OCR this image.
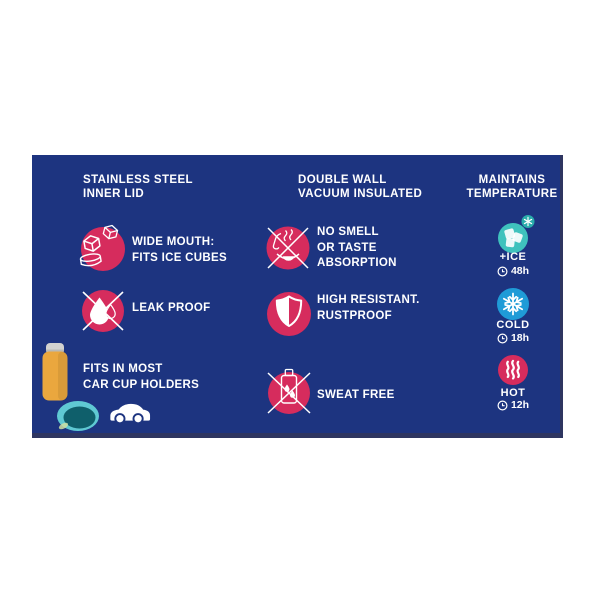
STAINLESS STEEL
INNER LID
DOUBLE WALL
VACUUM INSULATED
MAINTAINS
TEMPERATURE
WIDE MOUTH:
FITS ICE CUBES
LEAK PROOF
FITS IN MOST
CAR CUP HOLDERS
NO SMELL
OR TASTE
ABSORPTION
HIGH RESISTANT.
RUSTPROOF
SWEAT FREE
+ICE
48h
COLD
18h
HOT
12h
